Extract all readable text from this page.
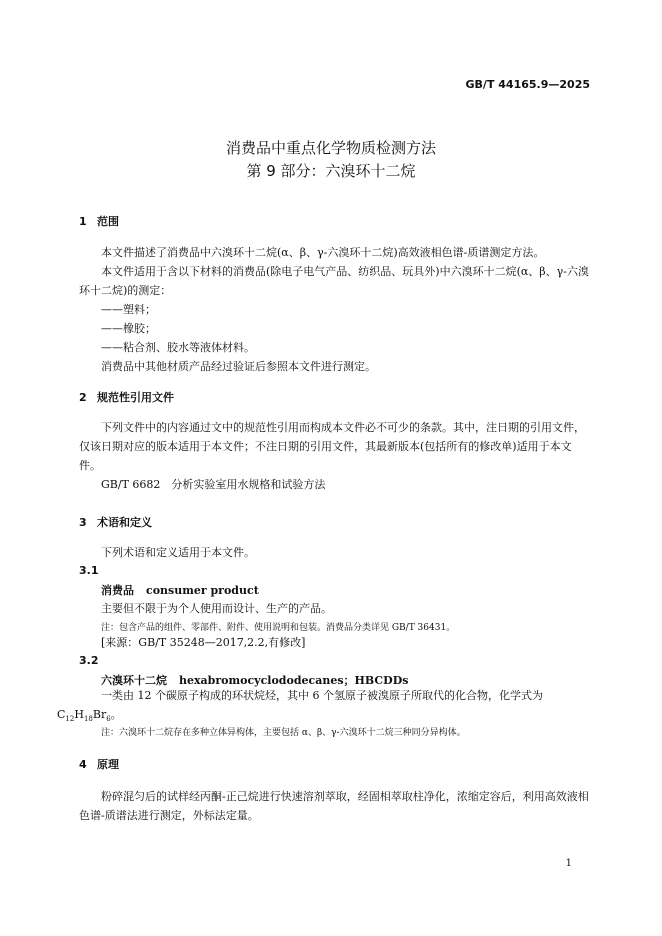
GB/T 44165.9—2025
消费品中重点化学物质检测方法
第 9 部分：六溴环十二烷
1 范围
本文件描述了消费品中六溴环十二烷(α、β、γ-六溴环十二烷)高效液相色谱-质谱测定方法。
本文件适用于含以下材料的消费品(除电子电气产品、纺织品、玩具外)中六溴环十二烷(α、β、γ-六溴环十二烷)的测定：
——塑料；
——橡胶；
——粘合剂、胶水等液体材料。
消费品中其他材质产品经过验证后参照本文件进行测定。
2 规范性引用文件
下列文件中的内容通过文中的规范性引用而构成本文件必不可少的条款。其中，注日期的引用文件，仅该日期对应的版本适用于本文件；不注日期的引用文件，其最新版本(包括所有的修改单)适用于本文件。
GB/T 6682　分析实验室用水规格和试验方法
3 术语和定义
下列术语和定义适用于本文件。
3.1
消费品 consumer product
主要但不限于为个人使用而设计、生产的产品。
注：包含产品的组件、零部件、附件、使用说明和包装。消费品分类详见 GB/T 36431。
[来源：GB/T 35248—2017,2.2,有修改]
3.2
六溴环十二烷 hexabromocyclododecanes；HBCDDs
一类由 12 个碳原子构成的环状烷烃，其中 6 个氢原子被溴原子所取代的化合物，化学式为
$C_{12}H_{18}Br_6$。
注：六溴环十二烷存在多种立体异构体，主要包括 α、β、γ-六溴环十二烷三种同分异构体。
4 原理
粉碎混匀后的试样经丙酮-正己烷进行快速溶剂萃取，经固相萃取柱净化，浓缩定容后，利用高效液相色谱-质谱法进行测定，外标法定量。
1
